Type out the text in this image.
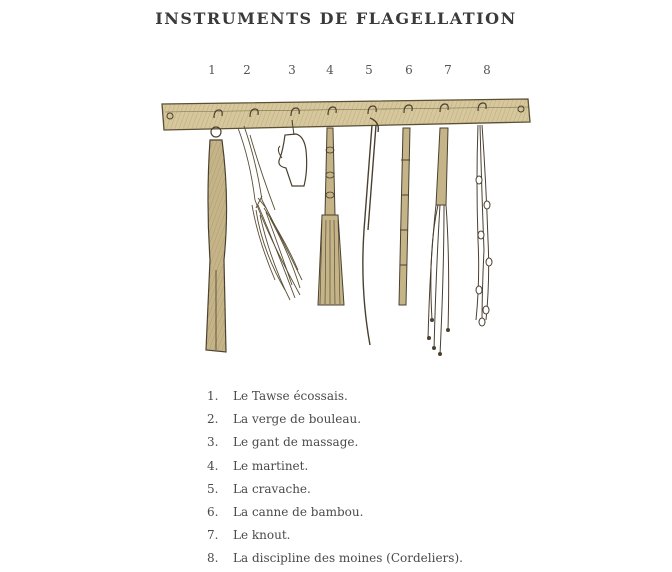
INSTRUMENTS DE FLAGELLATION
1 2	3	4	5	6	7	8
1. Le Tawse écossais.
2. La verge de bouleau.
3. Le gant de massage.
4. Le martinet.
5. La cravache.
6. La canne de bambou.
7. Le knout.
8. La discipline des moines (Cordeliers).
